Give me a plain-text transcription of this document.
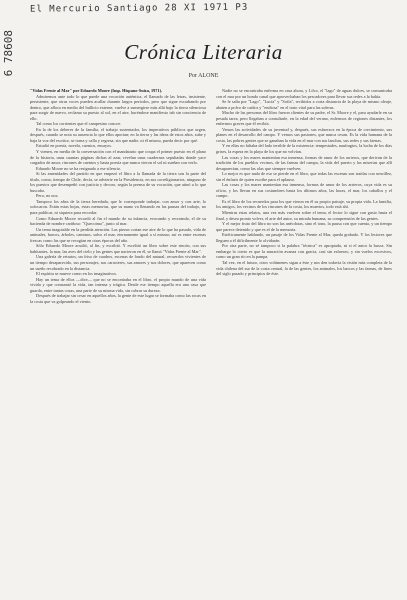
El Mercurio Santiago 28 XI 1971 P3
6 78608	Crónica Literaria
Por ALONE

"Vidas Frente al Mar" por Eduardo Moore (Imp. Hispano-Suiza, 1971).

Admiremos ante todo lo que puede una vocación auténtica, el llamado de las letras, insistente, persistente, que otras voces pueden acallar durante largos períodos, pero que sigue escarbando por dentro, que aflora en medio del bullicio externe, vuelve a sumergirse más allá bajo la tierra silenciosa para surgir de nuevo, reclama su puesto al sol, en el aire, hacéndose manifiesto tab sin conciencia de ello.

Tal como los corrientes que el campesino conoce.

En la de los deberes de la familia, el trabajo sustentador, los imperativos públicos que urgen, después, cuando se nota su ausencia lo que ellos aportan; en la tierra y las ideas de estos años, sube y baja la voz del escritor, se torna y calla y regresa, sin que nadie, ni él mismo, pueda decir por qué.

Estudió en poesía, novela, cuentos, ensayos.

Y vienen, en media de la conversación con el mandatario que ocupa el primer puesto en el plano de la historia, unas cuantas páginas dichas al azar, revelan unas cuadernas sepultadas donde yace cargados de amor, rincones de cuentos y hasta poesía que nunca vieron el sol ni sueñan con verlo.

Eduardo Moore no se ha resignado a ese silencio.

Si las amenidades del partido en que empezó el libro a la llamada de la tierra son la parte del título, como, tiempo de Chile, decía, se advierte en la Presidencia, en sus correligionarios, ninguno de los puestos que desempeñó con justicia y decoro, según la prensa de su vocación, que atinó a lo que buscaba.

Pero, no nos.

Tampoco los años de la tierra heredada, que le corresponde trabajar, con amor y con arte, lo sofocaron. Están estas hojas, estas memorias, que su mano va llenando en las pausas del trabajo, no para publicar, ni siquiera para recordar.

Como Eduardo Moore recordó al fin el mundo de su infancia, evocando y recreando, el de su hacienda de nombre cariñoso: "Quecoima", junto al mar.

Un tema inagotable en la perdida atención. Las piezas cortan ese aire de lo que ha pasado, vida de animales, barcos, árboles, caminos, salvo el mar, eternamente igual a sí mismo; así es entre escenas frescas como las que se recogían en otras épocas del año.

Sólo Eduardo Moore acudió, al fin, y escribió. Y escribió un libro sobre este rincón, con sus habitantes, la mar, las aves del cielo y las gentes que nacieron en él, se llamó "Vidas Frente al Mar".

Una galería de retratos, un friso de cuadros, escenas de fondo del natural, recuerdos vivientes de un tiempo desaparecido, sus personajes, sus caracteres, sus amores y sus dolores, que aparecen como un sueño recobrado en la distancia.

El espíritu se mueve como en los imaginativos.

Hay un tema de ellos —dice— que no se encontraba en el libro, el propio mundo de una vida vivida y que consumió la vida, tan intensa y trágica. Desde ese tiempo aquella era una casa que guarda, entre tantas cosas, una parte de su misma vida, sin cobrar su dureza.

Después de trabajar sin cesar en aquellos años, la gente de este lugar se formaba como las rocas en la costa que va golpeando el viento.

Nadie no se encontraba enferma en casa ahora, y Lilco, el "lago" de aguas dulces, se comunicaba con el mar por un hondo canal que aprovechaban los pescadores para llevar sus redes a la bahía.

Se le salía por "Lago", "Lucía" y "Sofía", recibidos a corta distancia de la playa de mismo oleaje, abaten a polvo de caídos y "endiosa" en el trato vital para las soleras.

Mucho de las personas del libro fueron clientes de su padre, el Sr. Moore y el, para ayudarle en su pesada tarea, pero llegaban a consultarle, en la edad del verano, enfermos de regiones distantes, los enfermos graves que él recibía.

Vemos las actividades de su juventud y, después, sus esfuerzos en la época de crecimiento, sus planes en el desarrollo del campo. Y vemos sus pasiones, que nunca cesan. Es la vida humana de la costa, las pobres gentes que se ganaban la vida en el mar con sus lanchas, sus redes y sus faenas.

Y en ellas no faltaba del lado terrible de la existencia: tempestades, naufragios, la lucha de los días grises, la espera en la playa de los que no volvían.

Las cosas y los mares mantenían esa inmensa, formas de amor de los arrieros, que derivan de la tradición de los pueblos vecinos, de las faenas del campo, la vida del puerto y las miserias que allí desaparecían, como las olas que siempre vuelven.

Lo mejor es que nada de eso se pierde en el libro, que todas las escenas son traídas con sencillez, sin el énfasis de quien escribe para el aplauso.

Las cosas y los mares mantenían esa inmensa, formas de amor de los arrieros, cuya vida es su oficio, y los llevan en sus costumbres hasta los últimos años, las horas, el mar, los caballos y el campo.

Es el libro de los recuerdos para los que vieron en él su propio paisaje, su propia vida. La familia, los amigos, los vecinos de los rincones de la costa, los muertos, todo está ahí.

Mientras estas relatos, una vez más vuelven sobre el tema, el lector lo sigue con gusto hasta el final, y desea pronto volver, el arte del autor, su mirada humana, su comprensión de las gentes.

Y el mejor fruto del libro no son las anécdotas, sino el tono, la pausa con que cuenta, y un tiempo que parece detenido y que es el de la memoria.

Estéticamente hablando, un pasaje de los Vidas Frente al Mar, queda grabado. Y los lectores que lleguen a él difícilmente lo olvidarán.

Por otra parte, no sé tampoco si la palabra "técnica" es apropiada, ni si el autor la busca. Sin embargo lo cierto es que la narración avanza con gracia, casi sin esfuerzo, y sin vuelos excesivos, como un gran río en la pampa.

Tal vez, en el futuro, otros volúmenes sigan a éste y nos den todavía la visión más completa de la vida chilena del sur de la costa central, la de las gentes, los animales, los barcos y las faenas, de fines del siglo pasado y principios de éste.
